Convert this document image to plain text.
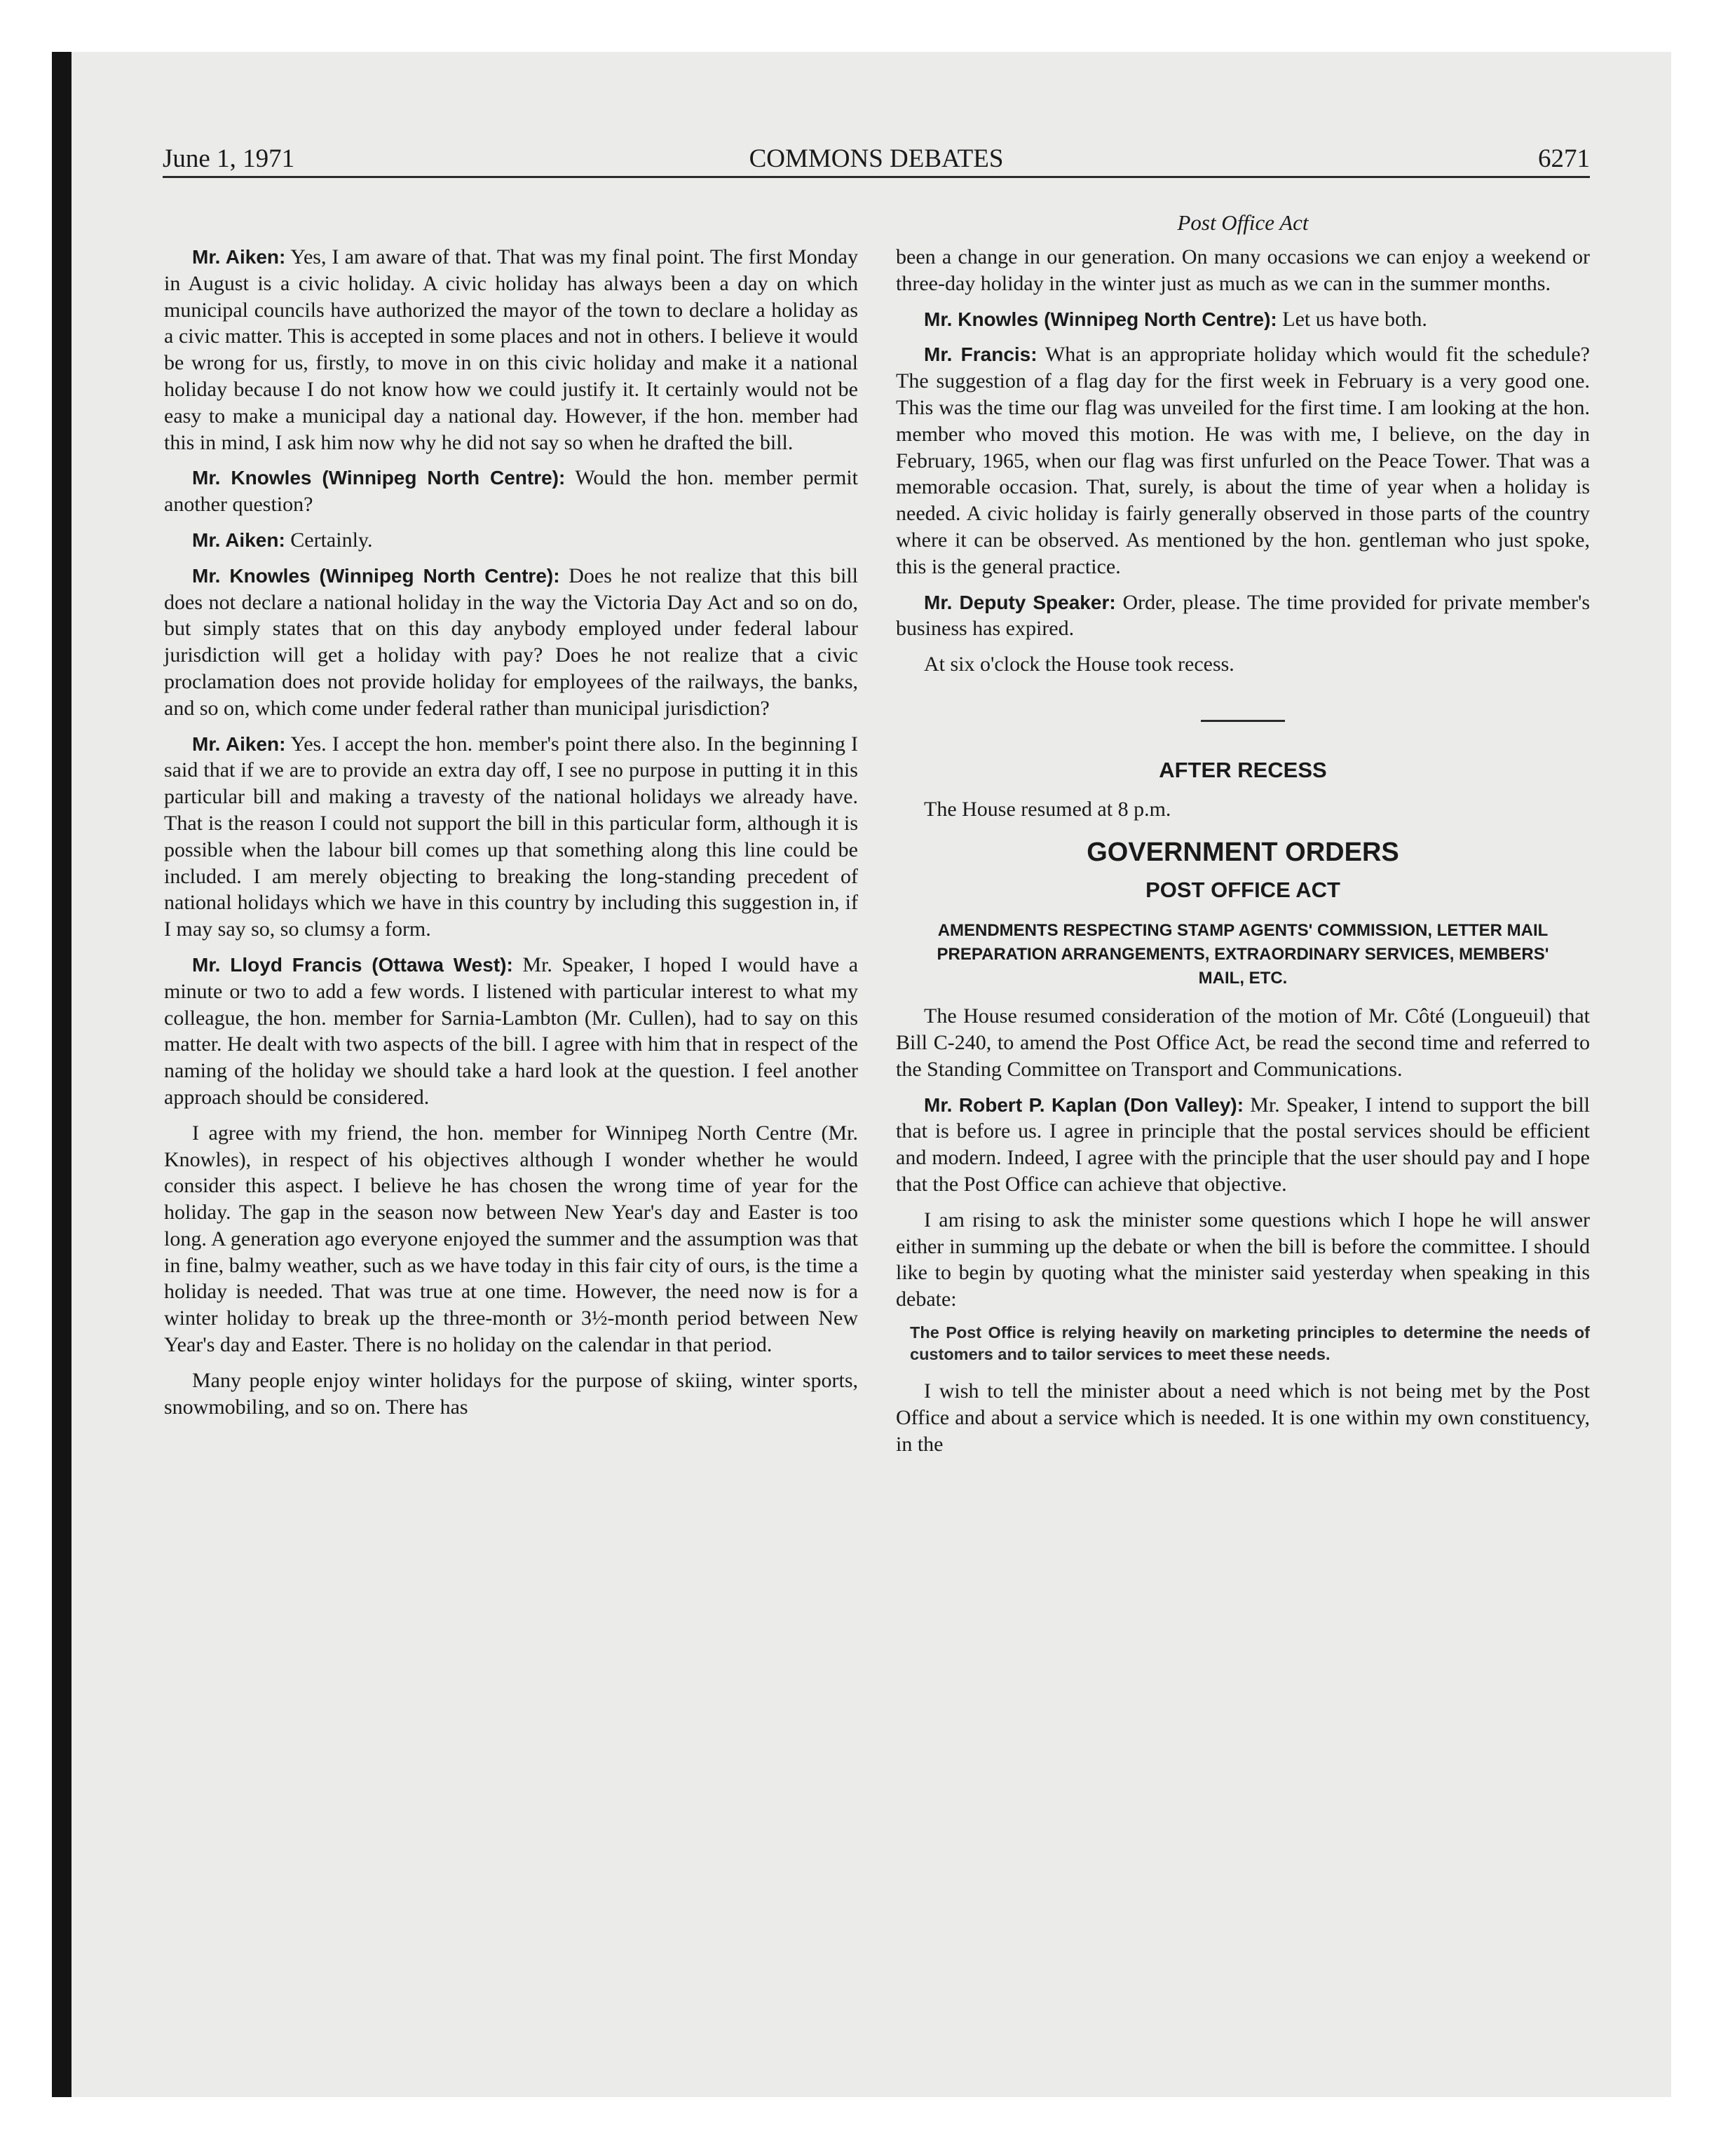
June 1, 1971	COMMONS DEBATES	6271
Post Office Act

Mr. Aiken: Yes, I am aware of that. That was my final point. The first Monday in August is a civic holiday. A civic holiday has always been a day on which municipal councils have authorized the mayor of the town to declare a holiday as a civic matter. This is accepted in some places and not in others. I believe it would be wrong for us, firstly, to move in on this civic holiday and make it a national holiday because I do not know how we could justify it. It certainly would not be easy to make a municipal day a national day. However, if the hon. member had this in mind, I ask him now why he did not say so when he drafted the bill.

Mr. Knowles (Winnipeg North Centre): Would the hon. member permit another question?

Mr. Aiken: Certainly.

Mr. Knowles (Winnipeg North Centre): Does he not realize that this bill does not declare a national holiday in the way the Victoria Day Act and so on do, but simply states that on this day anybody employed under federal labour jurisdiction will get a holiday with pay? Does he not realize that a civic proclamation does not provide holiday for employees of the railways, the banks, and so on, which come under federal rather than municipal jurisdiction?

Mr. Aiken: Yes. I accept the hon. member's point there also. In the beginning I said that if we are to provide an extra day off, I see no purpose in putting it in this particular bill and making a travesty of the national holidays we already have. That is the reason I could not support the bill in this particular form, although it is possible when the labour bill comes up that something along this line could be included. I am merely objecting to breaking the long-standing precedent of national holidays which we have in this country by including this suggestion in, if I may say so, so clumsy a form.

Mr. Lloyd Francis (Ottawa West): Mr. Speaker, I hoped I would have a minute or two to add a few words. I listened with particular interest to what my colleague, the hon. member for Sarnia-Lambton (Mr. Cullen), had to say on this matter. He dealt with two aspects of the bill. I agree with him that in respect of the naming of the holiday we should take a hard look at the question. I feel another approach should be considered.

I agree with my friend, the hon. member for Winnipeg North Centre (Mr. Knowles), in respect of his objectives although I wonder whether he would consider this aspect. I believe he has chosen the wrong time of year for the holiday. The gap in the season now between New Year's day and Easter is too long. A generation ago everyone enjoyed the summer and the assumption was that in fine, balmy weather, such as we have today in this fair city of ours, is the time a holiday is needed. That was true at one time. However, the need now is for a winter holiday to break up the three-month or 3½-month period between New Year's day and Easter. There is no holiday on the calendar in that period.

Many people enjoy winter holidays for the purpose of skiing, winter sports, snowmobiling, and so on. There has

been a change in our generation. On many occasions we can enjoy a weekend or three-day holiday in the winter just as much as we can in the summer months.

Mr. Knowles (Winnipeg North Centre): Let us have both.

Mr. Francis: What is an appropriate holiday which would fit the schedule? The suggestion of a flag day for the first week in February is a very good one. This was the time our flag was unveiled for the first time. I am looking at the hon. member who moved this motion. He was with me, I believe, on the day in February, 1965, when our flag was first unfurled on the Peace Tower. That was a memorable occasion. That, surely, is about the time of year when a holiday is needed. A civic holiday is fairly generally observed in those parts of the country where it can be observed. As mentioned by the hon. gentleman who just spoke, this is the general practice.

Mr. Deputy Speaker: Order, please. The time provided for private member's business has expired.

At six o'clock the House took recess.

AFTER RECESS

The House resumed at 8 p.m.

GOVERNMENT ORDERS
POST OFFICE ACT
AMENDMENTS RESPECTING STAMP AGENTS' COMMISSION, LETTER MAIL PREPARATION ARRANGEMENTS, EXTRAORDINARY SERVICES, MEMBERS' MAIL, ETC.

The House resumed consideration of the motion of Mr. Côté (Longueuil) that Bill C-240, to amend the Post Office Act, be read the second time and referred to the Standing Committee on Transport and Communications.

Mr. Robert P. Kaplan (Don Valley): Mr. Speaker, I intend to support the bill that is before us. I agree in principle that the postal services should be efficient and modern. Indeed, I agree with the principle that the user should pay and I hope that the Post Office can achieve that objective.

I am rising to ask the minister some questions which I hope he will answer either in summing up the debate or when the bill is before the committee. I should like to begin by quoting what the minister said yesterday when speaking in this debate:

The Post Office is relying heavily on marketing principles to determine the needs of customers and to tailor services to meet these needs.

I wish to tell the minister about a need which is not being met by the Post Office and about a service which is needed. It is one within my own constituency, in the
